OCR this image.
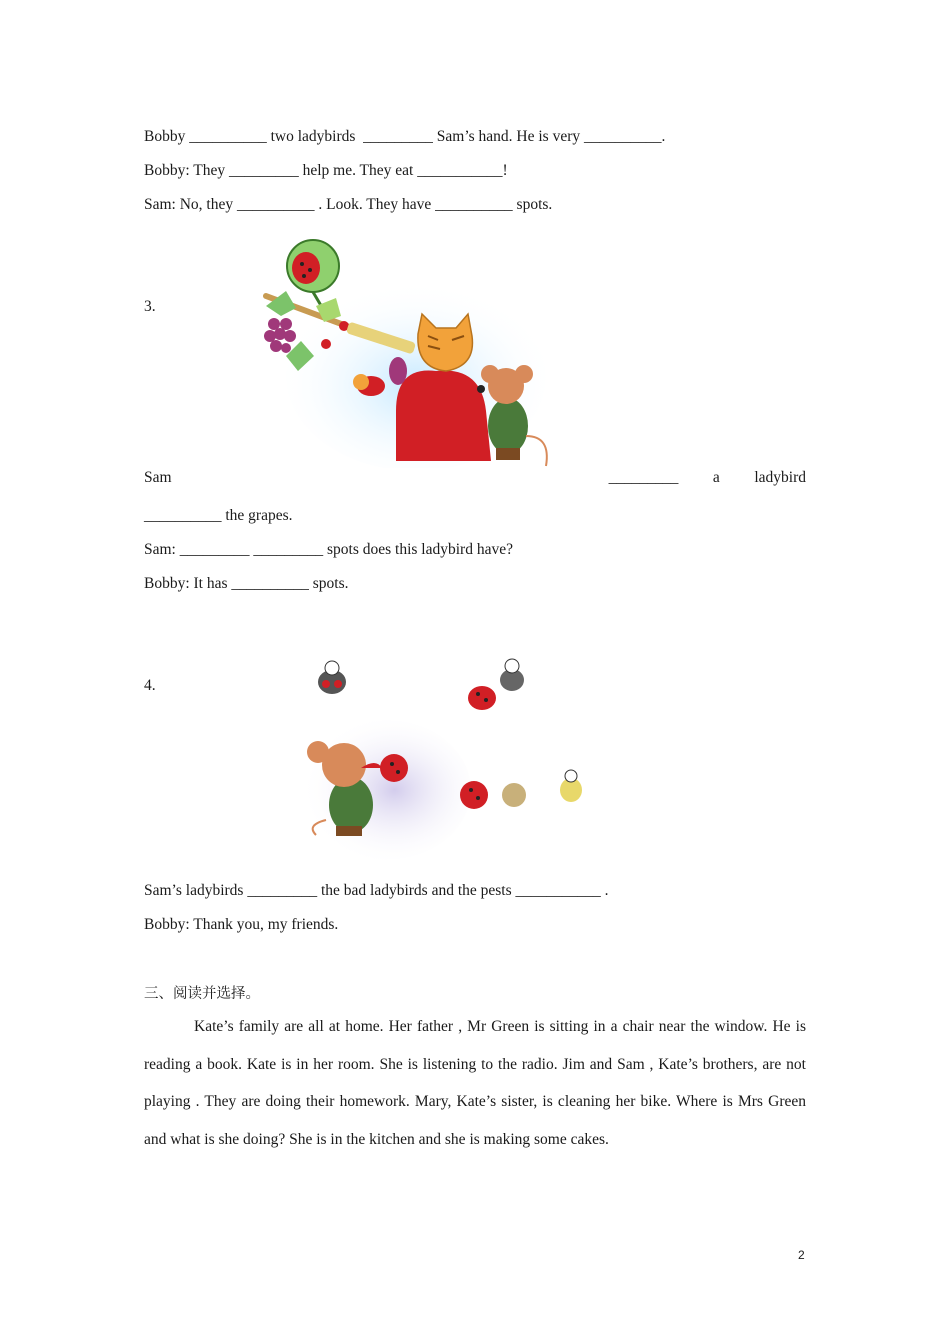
Bobby __________ two ladybirds  _________ Sam’s hand. He is very __________.
Bobby: They _________ help me. They eat ___________!
Sam: No, they __________ . Look. They have __________ spots.
3.
Sam	_________ a ladybird
__________ the grapes.
Sam: _________ _________ spots does this ladybird have?
Bobby: It has __________ spots.
4.
Sam’s ladybirds _________ the bad ladybirds and the pests ___________ .
Bobby: Thank you, my friends.
三、阅读并选择。
Kate’s family are all at home. Her father , Mr Green is sitting in a chair near the window. He is reading a book. Kate is in her room. She is listening to the radio. Jim and Sam , Kate’s brothers, are not playing . They are doing their homework. Mary, Kate’s sister, is cleaning her bike. Where is Mrs Green and what is she doing? She is in the kitchen and she is making some cakes.
2
